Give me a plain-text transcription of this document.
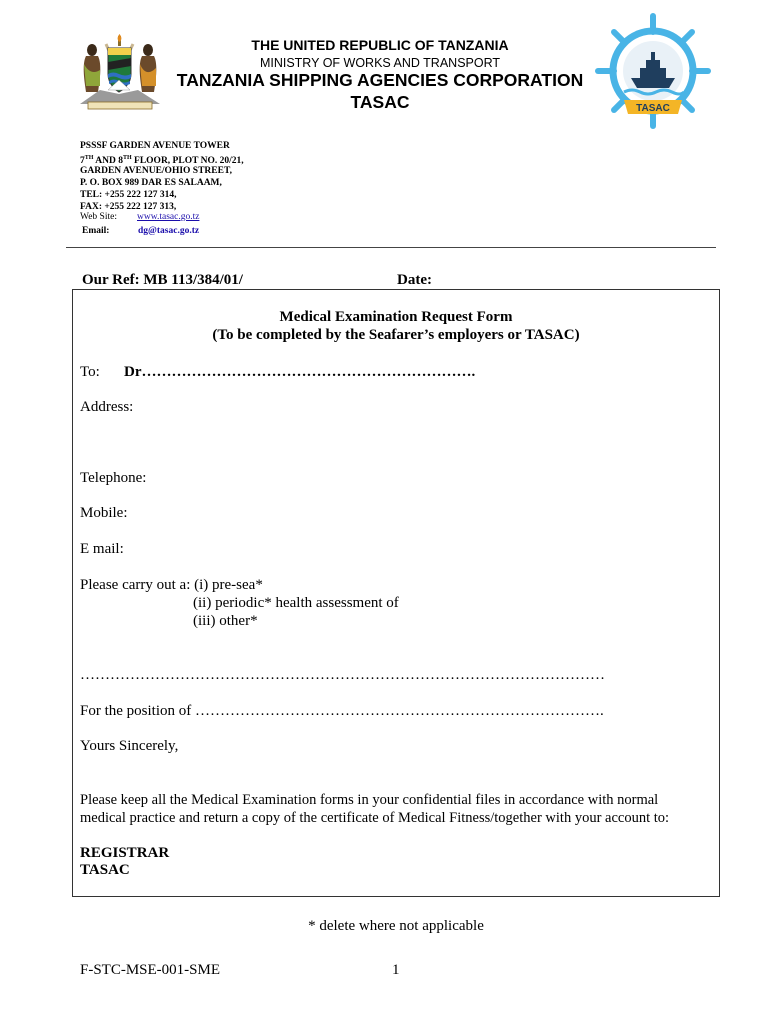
TASAC
THE UNITED REPUBLIC OF TANZANIA
MINISTRY OF WORKS AND TRANSPORT
TANZANIA SHIPPING AGENCIES CORPORATION
TASAC
PSSSF GARDEN AVENUE TOWER
7TH AND 8TH FLOOR, PLOT NO. 20/21,
GARDEN AVENUE/OHIO STREET,
P. O. BOX 989 DAR ES SALAAM,
TEL: +255 222 127 314,
FAX: +255 222 127 313,
Web Site: www.tasac.go.tz
Email:	dg@tasac.go.tz
Our Ref: MB 113/384/01/	Date:
Medical Examination Request Form
(To be completed by the Seafarer’s employers or TASAC)
To: Dr………………………………………………………….
Address:
Telephone:
Mobile:
E mail:
Please carry out a: (i) pre-sea*
(ii) periodic* health assessment of
(iii) other*
……………………………………………………………………………………………
For the position of ……………………………………………………………………….
Yours Sincerely,
Please keep all the Medical Examination forms in your confidential files in accordance with normal
medical practice and return a copy of the certificate of Medical Fitness/together with your account to:
REGISTRAR
TASAC
* delete where not applicable
F-STC-MSE-001-SME	1
